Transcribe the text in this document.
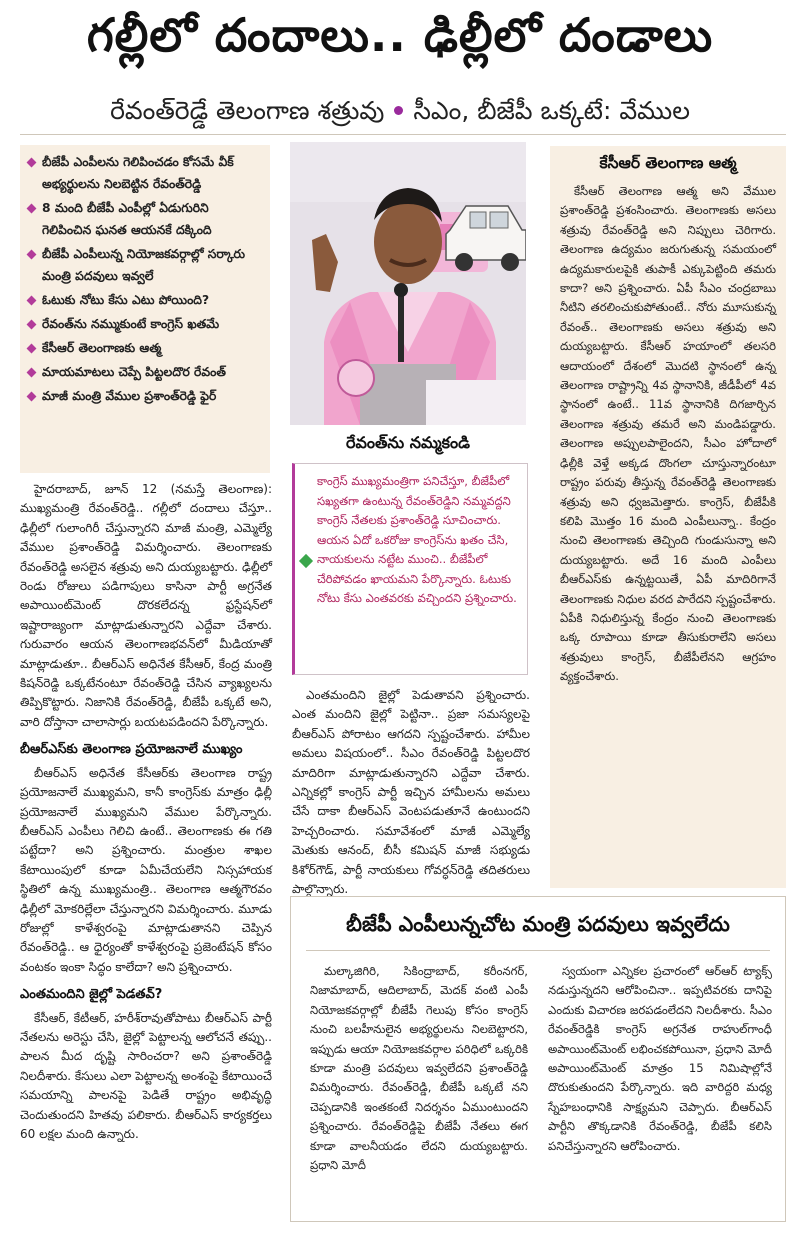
గల్లీలో దందాలు.. ఢిల్లీలో దండాలు
రేవంత్‌రెడ్డే తెలంగాణ శత్రువు సీఎం, బీజేపీ ఒక్కటే: వేముల
బీజేపీ ఎంపీలను గెలిపించడం కోసమే వీక్ అభ్యర్థులను నిలబెట్టిన రేవంత్‌రెడ్డి
8 మంది బీజేపీ ఎంపీల్లో ఏడుగురిని గెలిపించిన ఘనత ఆయనకే దక్కింది
బీజేపీ ఎంపీలున్న నియోజకవర్గాల్లో సర్కారు మంత్రి పదవులు ఇవ్వలే
ఓటుకు నోటు కేసు ఎటు పోయింది?
రేవంత్‌ను నమ్ముకుంటే కాంగ్రెస్ ఖతమే
కేసీఆర్ తెలంగాణకు ఆత్మ
మాయమాటలు చెప్పే పిట్టలదొర రేవంత్
మాజీ మంత్రి వేముల ప్రశాంత్‌రెడ్డి ఫైర్
రేవంత్‌ను నమ్మకండి
కాంగ్రెస్ ముఖ్యమంత్రిగా పనిచేస్తూ, బీజేపీలో సఖ్యతగా ఉంటున్న రేవంత్‌రెడ్డిని నమ్మవద్దని కాంగ్రెస్ నేతలకు ప్రశాంత్‌రెడ్డి సూచించారు. ఆయన ఏదో ఒకరోజు కాంగ్రెస్‌ను ఖతం చేసి, నాయకులను నట్టేట ముంచి.. బీజేపీలో చేరిపోవడం ఖాయమని పేర్కొన్నారు. ఓటుకు నోటు కేసు ఎంతవరకు వచ్చిందని ప్రశ్నించారు.

హైదరాబాద్, జూన్ 12 (నమస్తే తెలంగాణ): ముఖ్యమంత్రి రేవంత్‌రెడ్డి.. గల్లీలో దందాలు చేస్తూ.. ఢిల్లీలో గులాంగిరీ చేస్తున్నారని మాజీ మంత్రి, ఎమ్మెల్యే వేముల ప్రశాంత్‌రెడ్డి విమర్శించారు. తెలంగాణకు రేవంత్‌రెడ్డి అసలైన శత్రువు అని దుయ్యబట్టారు. ఢిల్లీలో రెండు రోజులు పడిగాపులు కాసినా పార్టీ అగ్రనేత అపాయింట్‌మెంట్ దొరకలేదన్న ఫ్రస్టేషన్‌లో ఇష్టారాజ్యంగా మాట్లాడుతున్నారని ఎద్దేవా చేశారు. గురువారం ఆయన తెలంగాణభవన్‌లో మీడియాతో మాట్లాడుతూ.. బీఆర్‌ఎస్ అధినేత కేసీఆర్, కేంద్ర మంత్రి కిషన్‌రెడ్డి ఒక్కటేనంటూ రేవంత్‌రెడ్డి చేసిన వ్యాఖ్యలను తిప్పికొట్టారు. నిజానికి రేవంత్‌రెడ్డి, బీజేపీ ఒక్కటే అని, వారి దోస్తానా చాలాసార్లు బయటపడిందని పేర్కొన్నారు.

బీఆర్‌ఎస్‌కు తెలంగాణ ప్రయోజనాలే ముఖ్యం

బీఆర్‌ఎస్ అధినేత కేసీఆర్‌కు తెలంగాణ రాష్ట్ర ప్రయోజనాలే ముఖ్యమని, కానీ కాంగ్రెస్‌కు మాత్రం ఢిల్లీ ప్రయోజనాలే ముఖ్యమని వేముల పేర్కొన్నారు. బీఆర్‌ఎస్ ఎంపీలు గెలిచి ఉంటే.. తెలంగాణకు ఈ గతి పట్టేదా? అని ప్రశ్నించారు. మంత్రుల శాఖల కేటాయింపులో కూడా ఏమీచేయలేని నిస్సహాయక స్థితిలో ఉన్న ముఖ్యమంత్రి.. తెలంగాణ ఆత్మగౌరవం ఢిల్లీలో మోకరిల్లేలా చేస్తున్నారని విమర్శించారు. మూడు రోజుల్లో కాళేశ్వరంపై మాట్లాడుతానని చెప్పిన రేవంత్‌రెడ్డి.. ఆ ధైర్యంతో కాళేశ్వరంపై ప్రజెంటేషన్ కోసం వంటకం ఇంకా సిద్ధం కాలేదా? అని ప్రశ్నించారు.

ఎంతమందిని జైల్లో పెడతవ్?

కేసీఆర్, కేటీఆర్, హరీశ్‌రావుతోపాటు బీఆర్‌ఎస్ పార్టీ నేతలను అరెస్టు చేసి, జైల్లో పెట్టాలన్న ఆలోచనే తప్పు.. పాలన మీద దృష్టి సారించరా? అని ప్రశాంత్‌రెడ్డి నిలదీశారు. కేసులు ఎలా పెట్టాలన్న అంశంపై కేటాయించే సమయాన్ని పాలనపై పెడితే రాష్ట్రం అభివృద్ధి చెందుతుందని హితవు పలికారు. బీఆర్‌ఎస్ కార్యకర్తలు 60 లక్షల మంది ఉన్నారు.

ఎంతమందిని జైల్లో పెడుతావని ప్రశ్నించారు. ఎంత మందిని జైల్లో పెట్టినా.. ప్రజా సమస్యలపై బీఆర్‌ఎస్ పోరాటం ఆగదని స్పష్టంచేశారు. హామీల అమలు విషయంలో.. సీఎం రేవంత్‌రెడ్డి పిట్టలదొర మాదిరిగా మాట్లాడుతున్నారని ఎద్దేవా చేశారు. ఎన్నికల్లో కాంగ్రెస్ పార్టీ ఇచ్చిన హామీలను అమలు చేసే దాకా బీఆర్‌ఎస్ వెంటపడుతూనే ఉంటుందని హెచ్చరించారు. సమావేశంలో మాజీ ఎమ్మెల్యే మెతుకు ఆనంద్, బీసీ కమిషన్ మాజీ సభ్యుడు కిశోర్‌గౌడ్, పార్టీ నాయకులు గోవర్ధన్‌రెడ్డి తదితరులు పాల్గొన్నారు.

కేసీఆర్ తెలంగాణ ఆత్మ

కేసీఆర్ తెలంగాణ ఆత్మ అని వేముల ప్రశాంత్‌రెడ్డి ప్రశంసించారు. తెలంగాణకు అసలు శత్రువు రేవంత్‌రెడ్డి అని నిప్పులు చెరిగారు. తెలంగాణ ఉద్యమం జరుగుతున్న సమయంలో ఉద్యమకారులపైకి తుపాకీ ఎక్కుపెట్టింది తమరు కాదా? అని ప్రశ్నించారు. ఏపీ సీఎం చంద్రబాబు నీటిని తరలించుకుపోతుంటే.. నోరు మూసుకున్న రేవంత్.. తెలంగాణకు అసలు శత్రువు అని దుయ్యబట్టారు. కేసీఆర్ హయాంలో తలసరి ఆదాయంలో దేశంలో మొదటి స్థానంలో ఉన్న తెలంగాణ రాష్ట్రాన్ని 4వ స్థానానికి, జీడీపీలో 4వ స్థానంలో ఉంటే.. 11వ స్థానానికి దిగజార్చిన తెలంగాణ శత్రువు తమరే అని మండిపడ్డారు. తెలంగాణ అప్పులపాలైందని, సీఎం హోదాలో ఢిల్లీకి వెళ్తే అక్కడ దొంగలా చూస్తున్నారంటూ రాష్ట్రం పరువు తీస్తున్న రేవంత్‌రెడ్డి తెలంగాణకు శత్రువు అని ధ్వజమెత్తారు. కాంగ్రెస్, బీజేపీకి కలిపి మొత్తం 16 మంది ఎంపీలున్నా.. కేంద్రం నుంచి తెలంగాణకు తెచ్చింది గుండుసున్నా అని దుయ్యబట్టారు. అదే 16 మంది ఎంపీలు బీఆర్‌ఎస్‌కు ఉన్నట్టయితే, ఏపీ మాదిరిగానే తెలంగాణకు నిధుల వరద పారేదని స్పష్టంచేశారు. ఏపీకి నిధులిస్తున్న కేంద్రం నుంచి తెలంగాణకు ఒక్క రూపాయి కూడా తీసుకురాలేని అసలు శత్రువులు కాంగ్రెస్, బీజేపీలేనని ఆగ్రహం వ్యక్తంచేశారు.

బీజేపీ ఎంపీలున్నచోట మంత్రి పదవులు ఇవ్వలేదు

మల్కాజిగిరి, సికింద్రాబాద్, కరీంనగర్, నిజామాబాద్, ఆదిలాబాద్, మెదక్ వంటి ఎంపీ నియోజకవర్గాల్లో బీజేపీ గెలుపు కోసం కాంగ్రెస్ నుంచి బలహీనులైన అభ్యర్థులను నిలబెట్టారని, ఇప్పుడు ఆయా నియోజకవర్గాల పరిధిలో ఒక్కరికి కూడా మంత్రి పదవులు ఇవ్వలేదని ప్రశాంత్‌రెడ్డి విమర్శించారు. రేవంత్‌రెడ్డి, బీజేపీ ఒక్కటే నని చెప్పడానికి ఇంతకంటే నిదర్శనం ఏముంటుందని ప్రశ్నించారు. రేవంత్‌రెడ్డిపై బీజేపీ నేతలు ఈగ కూడా వాలనీయడం లేదని దుయ్యబట్టారు. ప్రధాని మోదీ

స్వయంగా ఎన్నికల ప్రచారంలో ఆర్‌ఆర్ ట్యాక్స్ నడుస్తున్నదని ఆరోపించినా.. ఇప్పటివరకు దానిపై ఎందుకు విచారణ జరపడంలేదని నిలదీశారు. సీఎం రేవంత్‌రెడ్డికి కాంగ్రెస్ అగ్రనేత రాహుల్‌గాంధీ అపాయింట్‌మెంట్ లభించకపోయినా, ప్రధాని మోదీ అపాయింట్‌మెంట్ మాత్రం 15 నిమిషాల్లోనే దొరుకుతుందని పేర్కొన్నారు. ఇది వారిద్దరి మధ్య స్నేహబంధానికి సాక్ష్యమని చెప్పారు. బీఆర్‌ఎస్ పార్టీని తొక్కడానికి రేవంత్‌రెడ్డి, బీజేపీ కలిసి పనిచేస్తున్నారని ఆరోపించారు.
